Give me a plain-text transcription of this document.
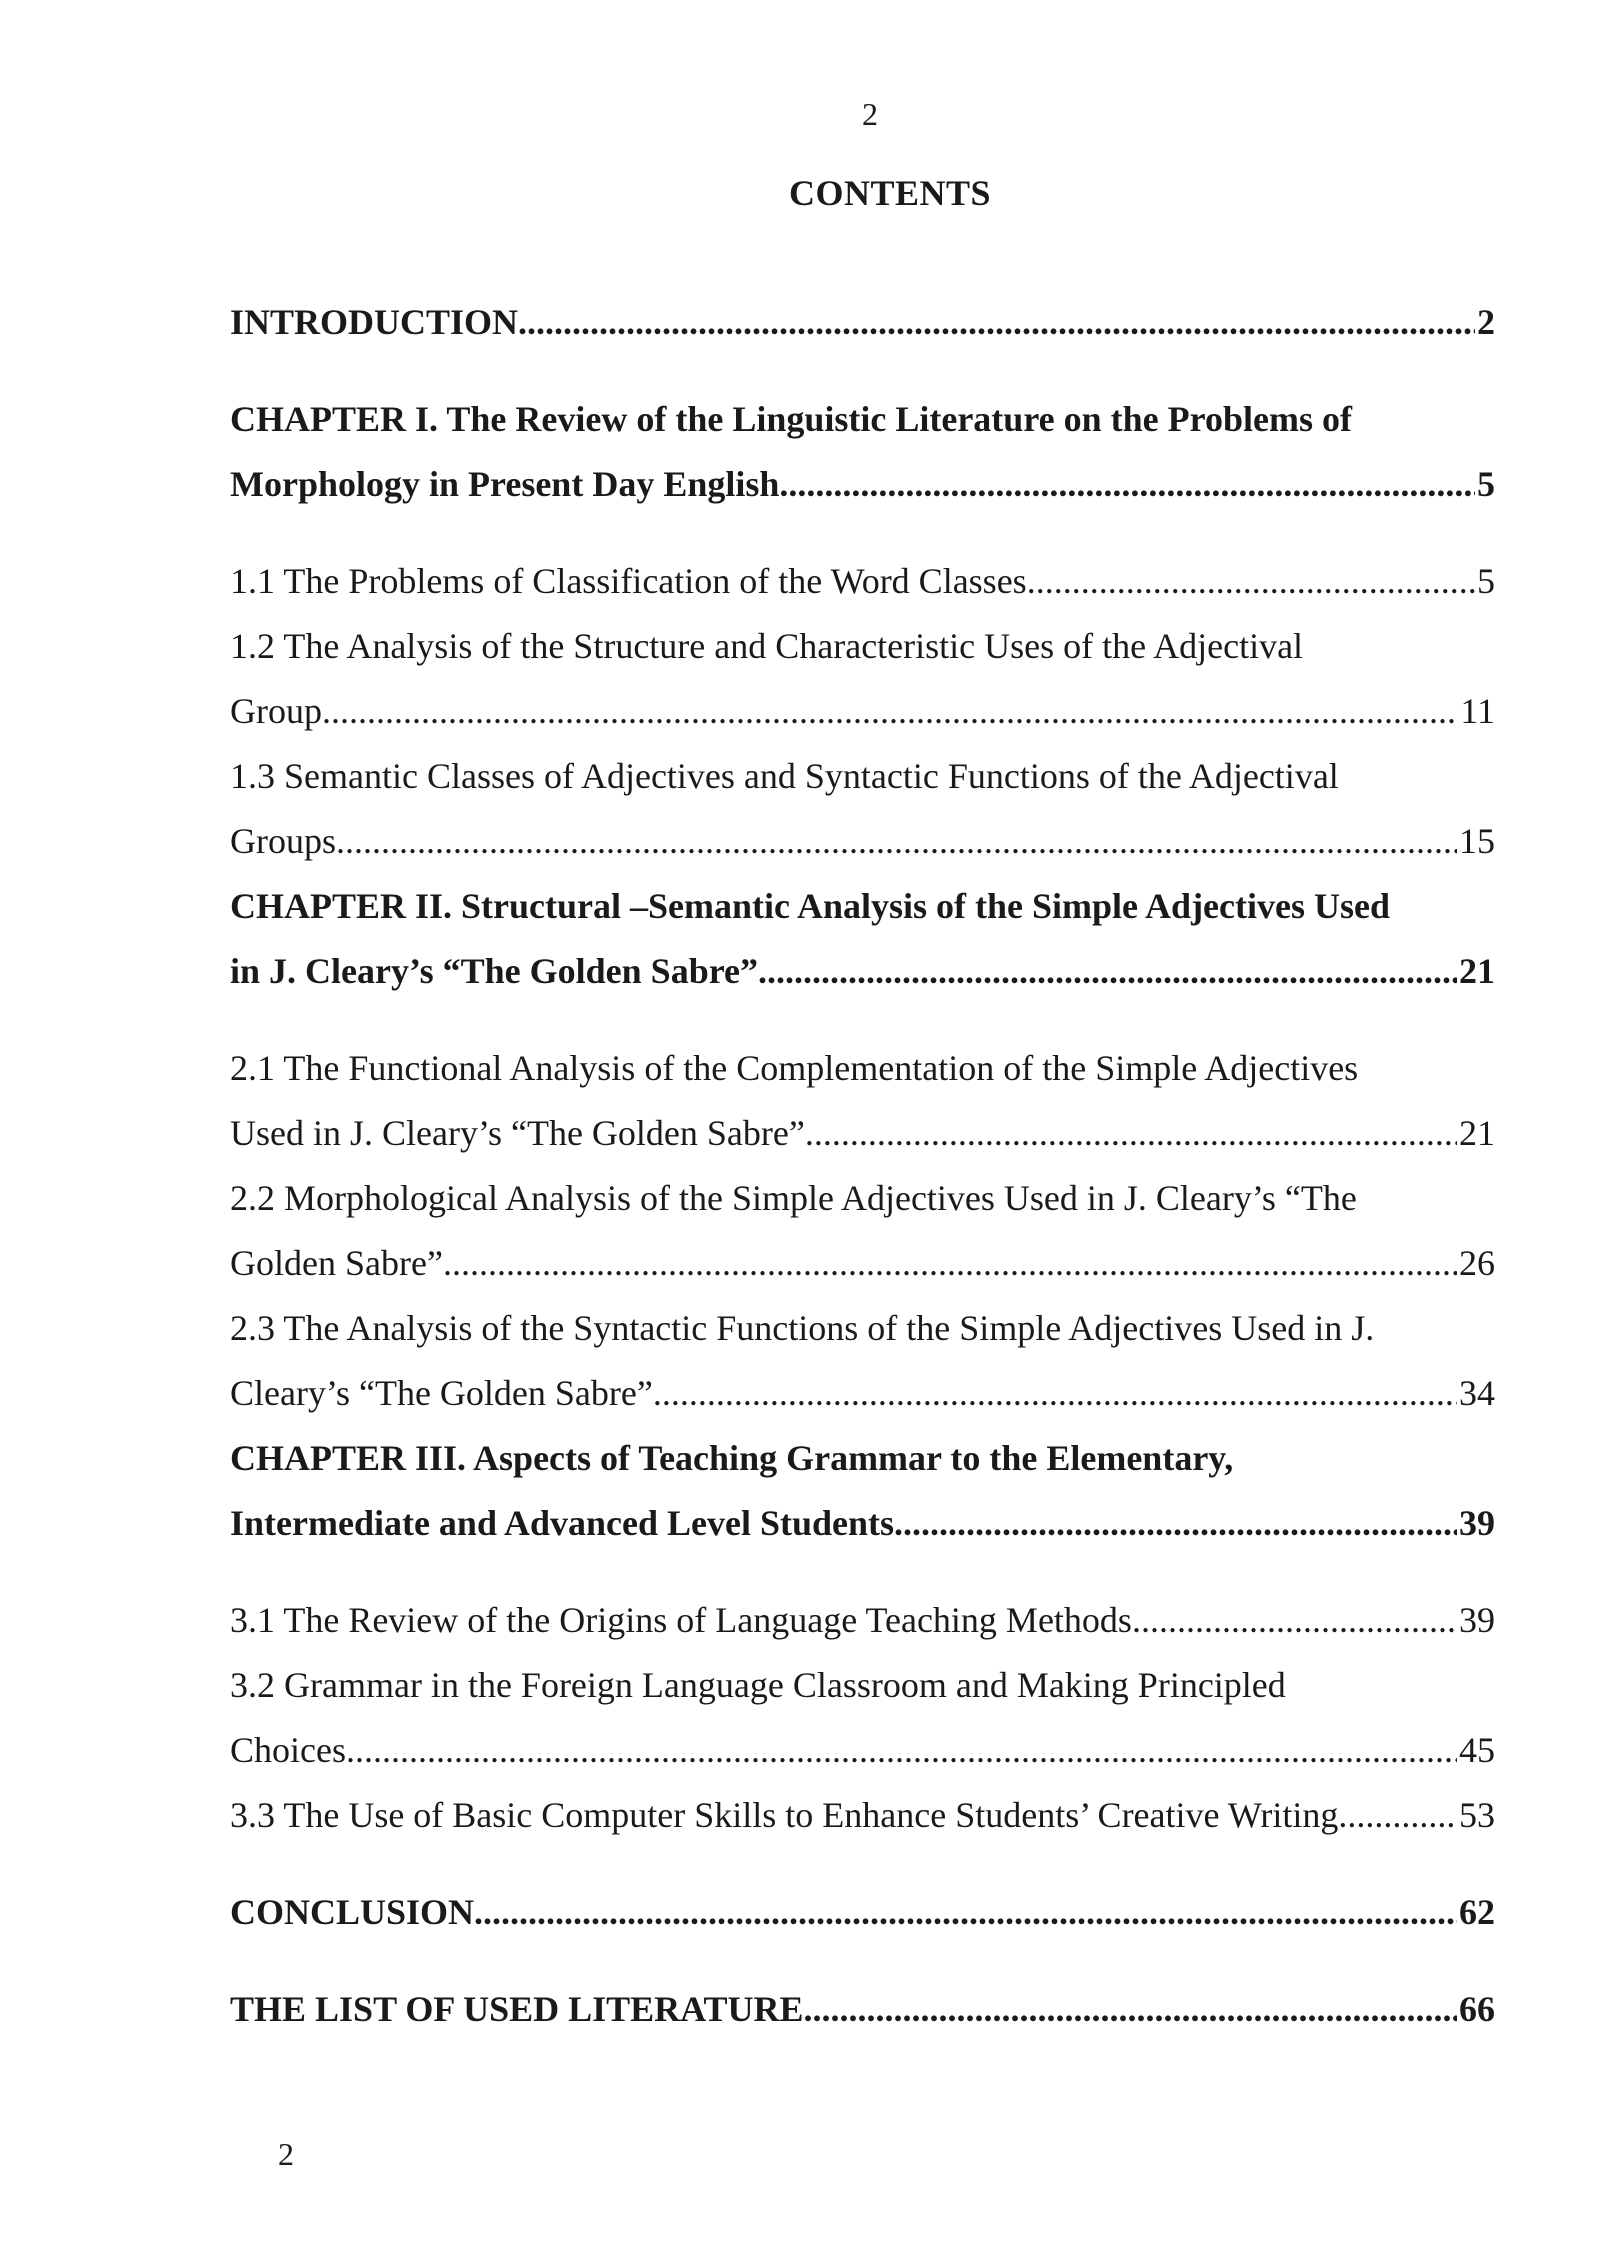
2
CONTENTS
INTRODUCTION .....	2
CHAPTER I. The Review of the Linguistic Literature on the Problems of
Morphology in Present Day English .....	5
1.1 The Problems of Classification of the Word Classes .....	5
1.2 The Analysis of the Structure and Characteristic Uses of the Adjectival
Group .....	11
1.3 Semantic Classes of Adjectives and Syntactic Functions of the Adjectival
Groups .....	15
CHAPTER II. Structural –Semantic Analysis of the Simple Adjectives Used
in J. Cleary’s “The Golden Sabre” .....	21
2.1 The Functional Analysis of the Complementation of the Simple Adjectives
Used in J. Cleary’s “The Golden Sabre” .....	21
2.2 Morphological Analysis of the Simple Adjectives Used in J. Cleary’s “The
Golden Sabre” .....	26
2.3 The Analysis of the Syntactic Functions of the Simple Adjectives Used in J.
Cleary’s “The Golden Sabre” .....	34
CHAPTER III. Aspects of Teaching Grammar to the Elementary,
Intermediate and Advanced Level Students .....	39
3.1 The Review of the Origins of Language Teaching Methods .....	39
3.2 Grammar in the Foreign Language Classroom and Making Principled
Choices .....	45
3.3 The Use of Basic Computer Skills to Enhance Students’ Creative Writing .....	53
CONCLUSION .....	62
THE LIST OF USED LITERATURE .....	66
2
